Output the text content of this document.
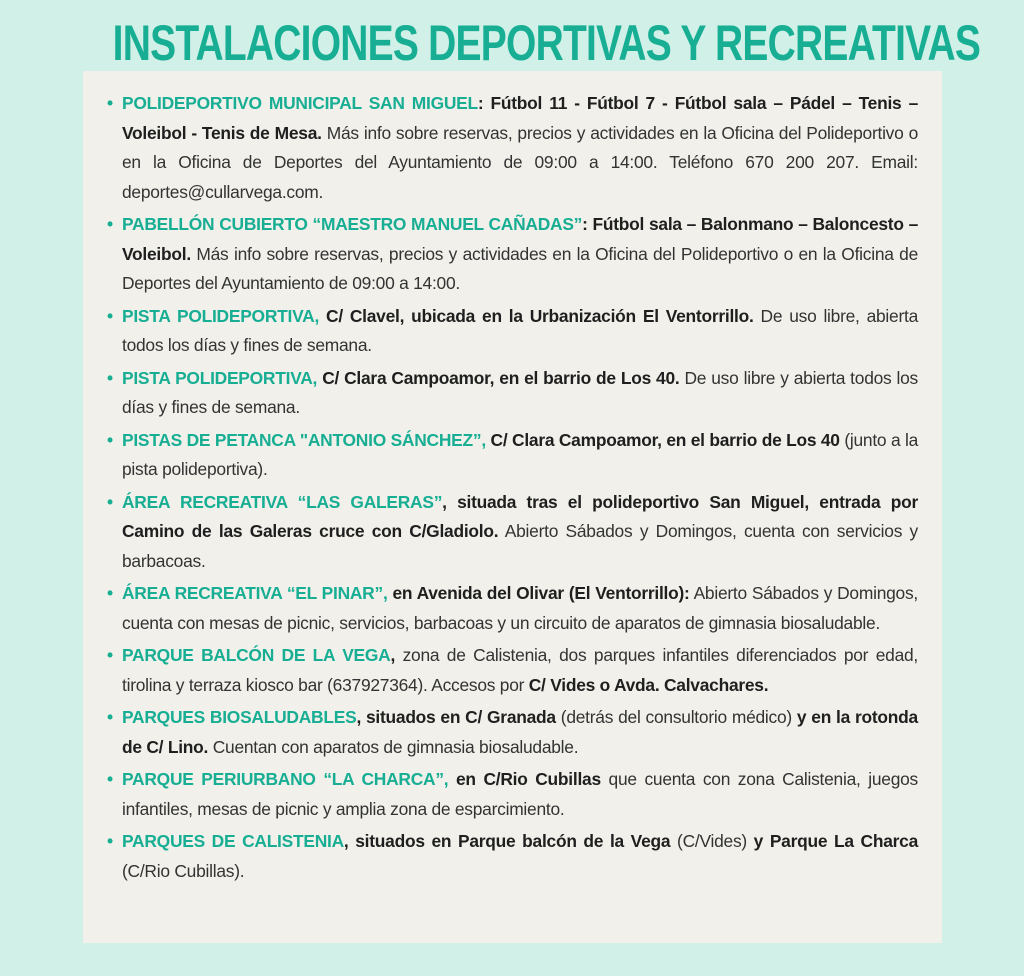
INSTALACIONES DEPORTIVAS Y RECREATIVAS
• POLIDEPORTIVO MUNICIPAL SAN MIGUEL: Fútbol 11 - Fútbol 7 - Fútbol sala – Pádel – Tenis – Voleibol - Tenis de Mesa. Más info sobre reservas, precios y actividades en la Oficina del Polideportivo o en la Oficina de Deportes del Ayuntamiento de 09:00 a 14:00. Teléfono 670 200 207. Email: deportes@cullarvega.com.
• PABELLÓN CUBIERTO “MAESTRO MANUEL CAÑADAS”: Fútbol sala – Balonmano – Baloncesto – Voleibol. Más info sobre reservas, precios y actividades en la Oficina del Polideportivo o en la Oficina de Deportes del Ayuntamiento de 09:00 a 14:00.
• PISTA POLIDEPORTIVA, C/ Clavel, ubicada en la Urbanización El Ventorrillo. De uso libre, abierta todos los días y fines de semana.
• PISTA POLIDEPORTIVA, C/ Clara Campoamor, en el barrio de Los 40. De uso libre y abierta todos los días y fines de semana.
• PISTAS DE PETANCA "ANTONIO SÁNCHEZ”, C/ Clara Campoamor, en el barrio de Los 40 (junto a la pista polideportiva).
• ÁREA RECREATIVA “LAS GALERAS”, situada tras el polideportivo San Miguel, entrada por Camino de las Galeras cruce con C/Gladiolo. Abierto Sábados y Domingos, cuenta con servicios y barbacoas.
• ÁREA RECREATIVA “EL PINAR”, en Avenida del Olivar (El Ventorrillo): Abierto Sábados y Domingos, cuenta con mesas de picnic, servicios, barbacoas y un circuito de aparatos de gimnasia biosaludable.
• PARQUE BALCÓN DE LA VEGA, zona de Calistenia, dos parques infantiles diferenciados por edad, tirolina y terraza kiosco bar (637927364). Accesos por C/ Vides o Avda. Calvachares.
• PARQUES BIOSALUDABLES, situados en C/ Granada (detrás del consultorio médico) y en la rotonda de C/ Lino. Cuentan con aparatos de gimnasia biosaludable.
• PARQUE PERIURBANO “LA CHARCA”, en C/Rio Cubillas que cuenta con zona Calistenia, juegos infantiles, mesas de picnic y amplia zona de esparcimiento.
• PARQUES DE CALISTENIA, situados en Parque balcón de la Vega (C/Vides) y Parque La Charca (C/Rio Cubillas).
